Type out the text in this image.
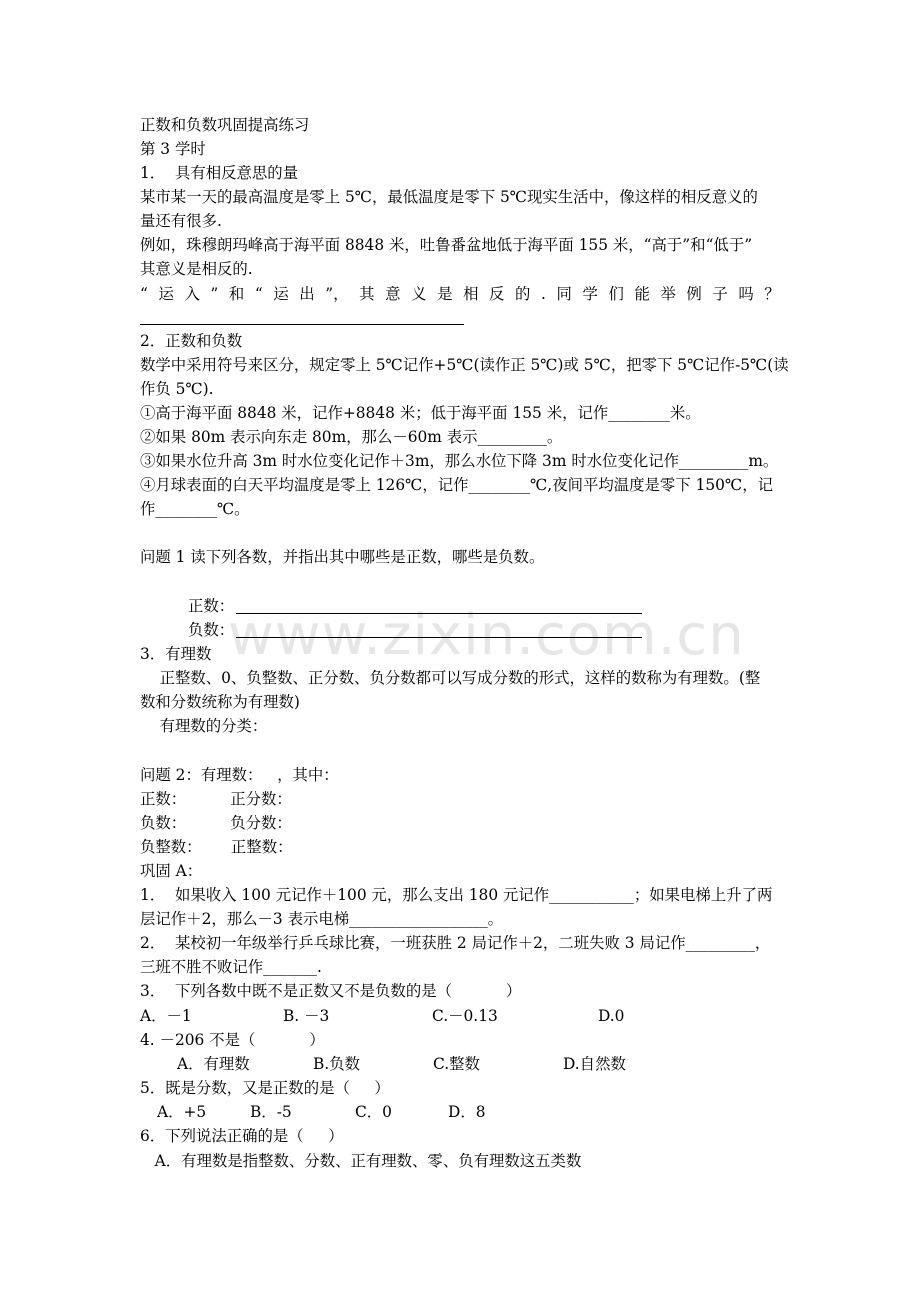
www.zixin.com.cn
正数和负数巩固提高练习
第 3 学时
1．  具有相反意思的量
某市某一天的最高温度是零上 5℃，最低温度是零下 5℃现实生活中，像这样的相反意义的
量还有很多.
例如，珠穆朗玛峰高于海平面 8848 米，吐鲁番盆地低于海平面 155 米，“高于”和“低于”
其意义是相反的.
“ 运 入 ” 和 “ 运 出 ”， 其 意 义 是 相 反 的 . 同 学 们 能 举 例 子 吗 ？
2．正数和负数
数学中采用符号来区分，规定零上 5℃记作+5℃(读作正 5℃)或 5℃，把零下 5℃记作-5℃(读
作负 5℃).
①高于海平面 8848 米，记作+8848 米；低于海平面 155 米，记作________米。
②如果 80m 表示向东走 80m，那么－60m 表示_________。
③如果水位升高 3m 时水位变化记作＋3m，那么水位下降 3m 时水位变化记作_________m。
④月球表面的白天平均温度是零上 126℃，记作________℃,夜间平均温度是零下 150℃，记
作________℃。
问题 1 读下列各数，并指出其中哪些是正数，哪些是负数。
正数：
负数：
3．有理数
正整数、0、负整数、正分数、负分数都可以写成分数的形式，这样的数称为有理数。(整
数和分数统称为有理数)
有理数的分类：
问题 2：有理数：   ，其中：
正数：         正分数：
负数：         负分数：
负整数：      正整数：
巩固 A：
1．  如果收入 100 元记作＋100 元，那么支出 180 元记作___________；如果电梯上升了两
层记作＋2，那么－3 表示电梯__________________。
2．  某校初一年级举行乒乓球比赛，一班获胜 2 局记作＋2，二班失败 3 局记作_________，
三班不胜不败记作_______.
3．  下列各数中既不是正数又不是负数的是（           ）
A．－1	B. －3	C.－0.13	D.0
4. －206 不是（           ）
A．有理数	B.负数	C.整数	D.自然数
5．既是分数，又是正数的是（     ）
A．+5	B．-5	C．0	D．8
6．下列说法正确的是（     ）
A．有理数是指整数、分数、正有理数、零、负有理数这五类数
